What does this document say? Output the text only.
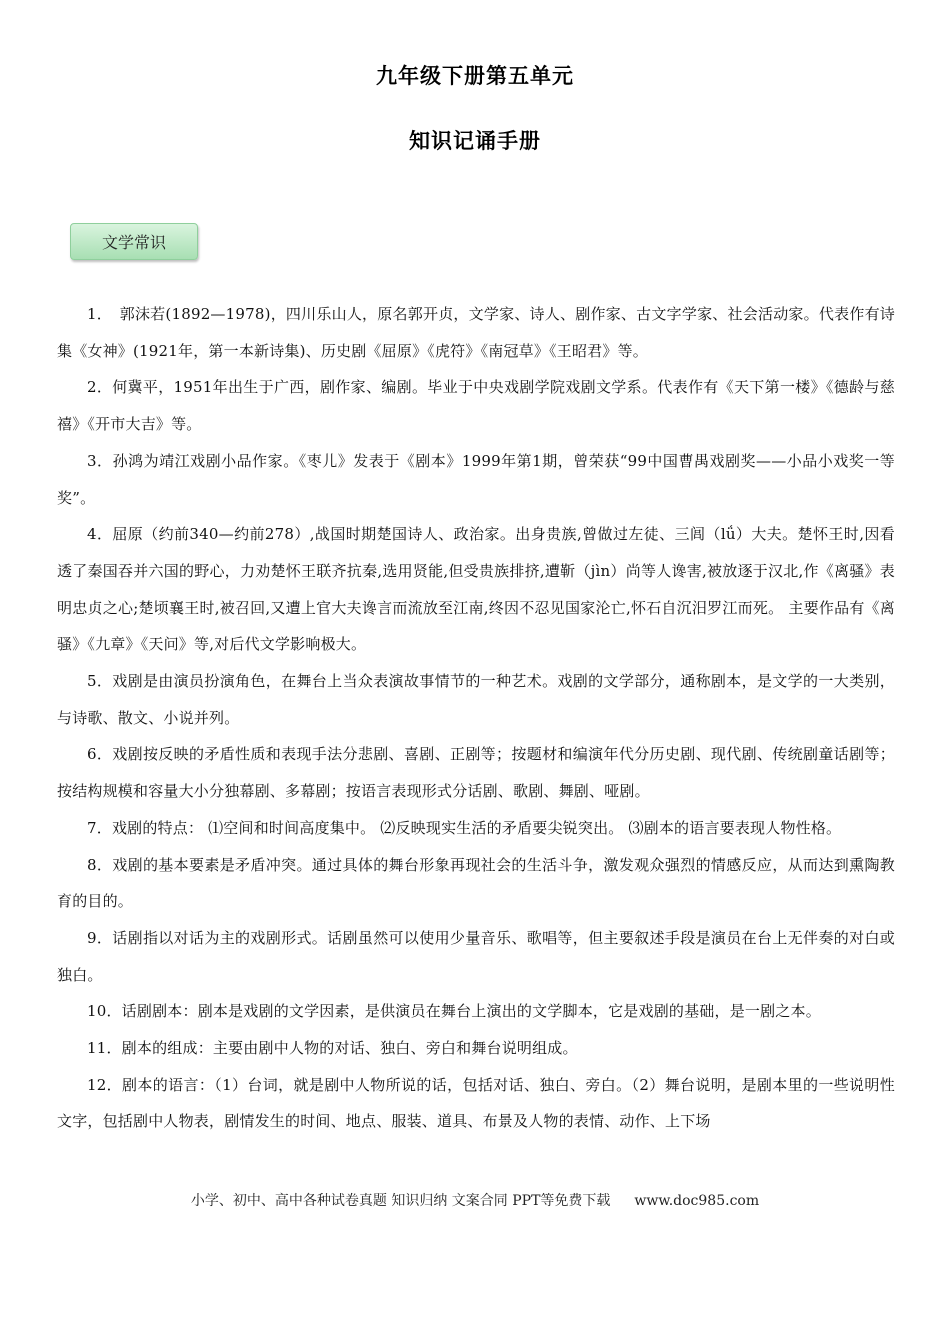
九年级下册第五单元
知识记诵手册
文学常识

1．　郭沫若(1892—1978)，四川乐山人，原名郭开贞，文学家、诗人、剧作家、古文字学家、社会活动家。代表作有诗集《女神》(1921年，第一本新诗集)、历史剧《屈原》《虎符》《南冠草》《王昭君》等。

2．何冀平，1951年出生于广西，剧作家、编剧。毕业于中央戏剧学院戏剧文学系。代表作有《天下第一楼》《德龄与慈禧》《开市大吉》等。

3．孙鸿为靖江戏剧小品作家。《枣儿》发表于《剧本》1999年第1期，曾荣获“99中国曹禺戏剧奖——小品小戏奖一等奖”。

4．屈原（约前340—约前278）,战国时期楚国诗人、政治家。出身贵族,曾做过左徒、三闾（lǘ）大夫。楚怀王时,因看透了秦国吞并六国的野心，力劝楚怀王联齐抗秦,选用贤能,但受贵族排挤,遭靳（jìn）尚等人谗害,被放逐于汉北,作《离骚》表明忠贞之心;楚顷襄王时,被召回,又遭上官大夫谗言而流放至江南,终因不忍见国家沦亡,怀石自沉汨罗江而死。 主要作品有《离骚》《九章》《天问》等,对后代文学影响极大。

5．戏剧是由演员扮演角色，在舞台上当众表演故事情节的一种艺术。戏剧的文学部分，通称剧本，是文学的一大类别，与诗歌、散文、小说并列。

6．戏剧按反映的矛盾性质和表现手法分悲剧、喜剧、正剧等；按题材和编演年代分历史剧、现代剧、传统剧童话剧等；按结构规模和容量大小分独幕剧、多幕剧；按语言表现形式分话剧、歌剧、舞剧、哑剧。

7．戏剧的特点： ⑴空间和时间高度集中。 ⑵反映现实生活的矛盾要尖锐突出。 ⑶剧本的语言要表现人物性格。

8．戏剧的基本要素是矛盾冲突。通过具体的舞台形象再现社会的生活斗争，激发观众强烈的情感反应，从而达到熏陶教育的目的。

9．话剧指以对话为主的戏剧形式。话剧虽然可以使用少量音乐、歌唱等，但主要叙述手段是演员在台上无伴奏的对白或独白。

10．话剧剧本：剧本是戏剧的文学因素，是供演员在舞台上演出的文学脚本，它是戏剧的基础，是一剧之本。

11．剧本的组成：主要由剧中人物的对话、独白、旁白和舞台说明组成。

12．剧本的语言：（1）台词，就是剧中人物所说的话，包括对话、独白、旁白。（2）舞台说明，是剧本里的一些说明性文字，包括剧中人物表，剧情发生的时间、地点、服装、道具、布景及人物的表情、动作、上下场

小学、初中、高中各种试卷真题 知识归纳 文案合同 PPT等免费下载 www.doc985.com
